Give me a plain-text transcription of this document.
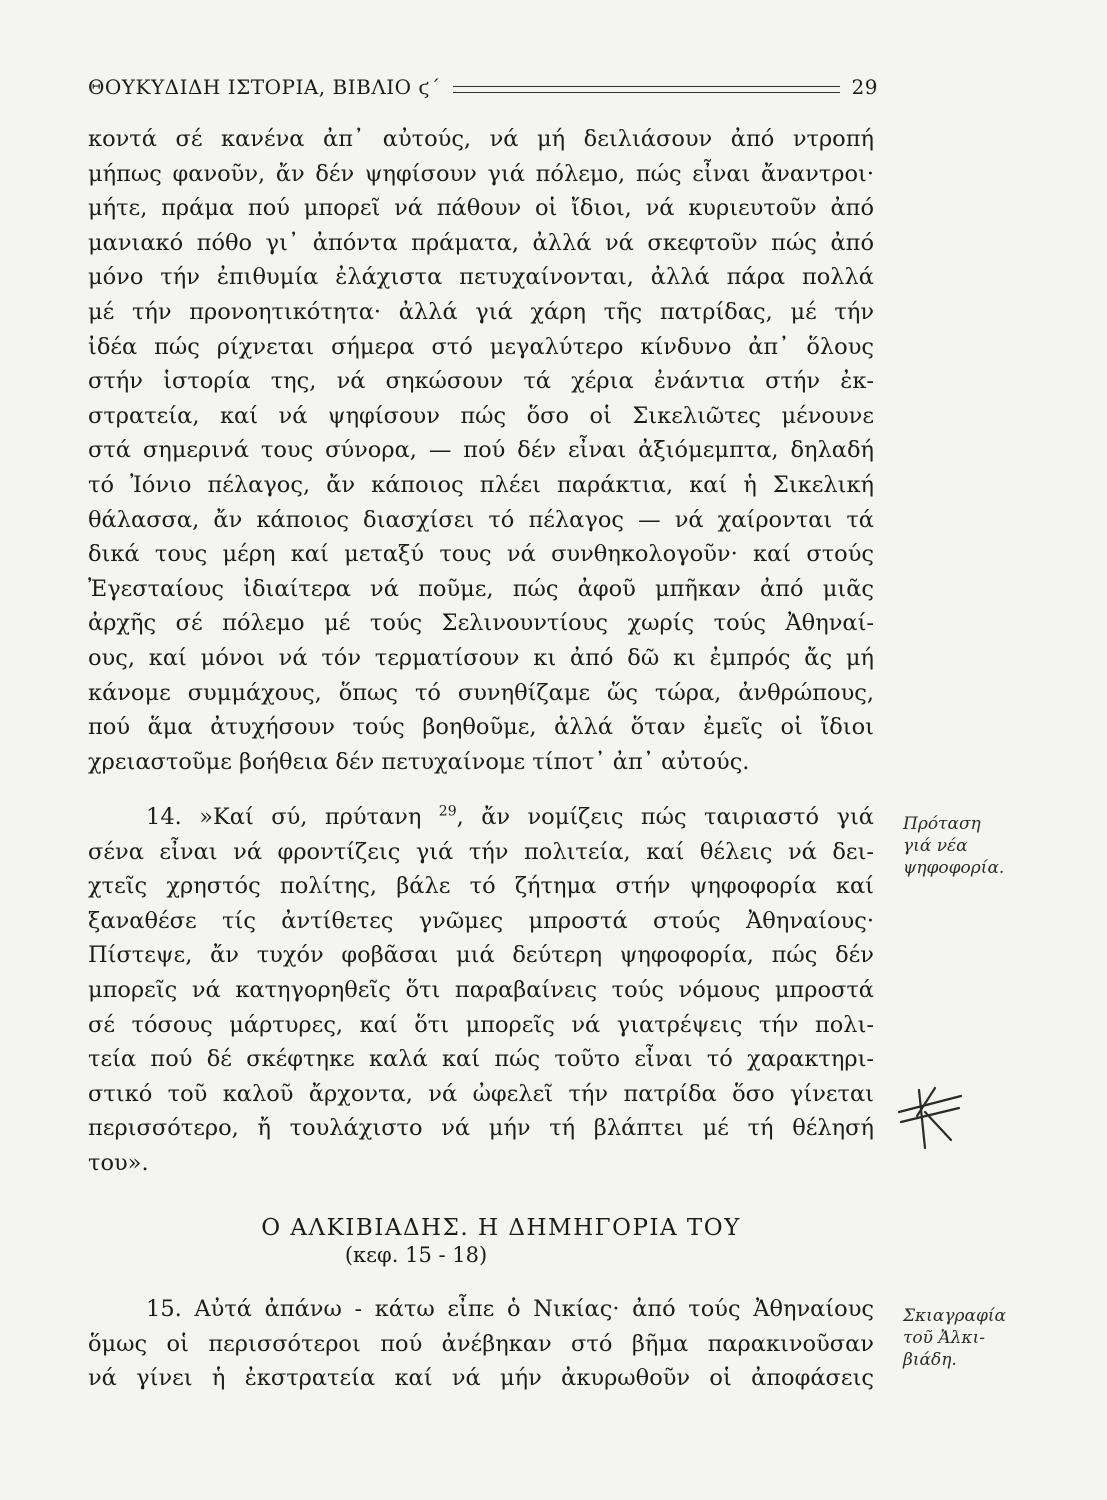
ΘΟΥΚΥΔΙΔΗ ΙΣΤΟΡΙΑ, ΒΙΒΛΙΟ ϛ΄	29
κοντά σέ κανένα ἀπ᾿ αὐτούς, νά μή δειλιάσουν ἀπό ντροπή
μήπως φανοῦν, ἄν δέν ψηφίσουν γιά πόλεμο, πώς εἶναι ἄναντροι·
μήτε, πράμα πού μπορεῖ νά πάθουν οἱ ἴδιοι, νά κυριευτοῦν ἀπό
μανιακό πόθο γι᾿ ἀπόντα πράματα, ἀλλά νά σκεφτοῦν πώς ἀπό
μόνο τήν ἐπιθυμία ἐλάχιστα πετυχαίνονται, ἀλλά πάρα πολλά
μέ τήν προνοητικότητα· ἀλλά γιά χάρη τῆς πατρίδας, μέ τήν
ἰδέα πώς ρίχνεται σήμερα στό μεγαλύτερο κίνδυνο ἀπ᾿ ὅλους
στήν ἱστορία της, νά σηκώσουν τά χέρια ἐνάντια στήν ἐκ-
στρατεία, καί νά ψηφίσουν πώς ὅσο οἱ Σικελιῶτες μένουνε
στά σημερινά τους σύνορα, — πού δέν εἶναι ἀξιόμεμπτα, δηλαδή
τό Ἰόνιο πέλαγος, ἄν κάποιος πλέει παράκτια, καί ἡ Σικελική
θάλασσα, ἄν κάποιος διασχίσει τό πέλαγος — νά χαίρονται τά
δικά τους μέρη καί μεταξύ τους νά συνθηκολογοῦν· καί στούς
Ἐγεσταίους ἰδιαίτερα νά ποῦμε, πώς ἀφοῦ μπῆκαν ἀπό μιᾶς
ἀρχῆς σέ πόλεμο μέ τούς Σελινουντίους χωρίς τούς Ἀθηναί-
ους, καί μόνοι νά τόν τερματίσουν κι ἀπό δῶ κι ἐμπρός ἄς μή
κάνομε συμμάχους, ὅπως τό συνηθίζαμε ὥς τώρα, ἀνθρώπους,
πού ἅμα ἀτυχήσουν τούς βοηθοῦμε, ἀλλά ὅταν ἐμεῖς οἱ ἴδιοι
χρειαστοῦμε βοήθεια δέν πετυχαίνομε τίποτ᾿ ἀπ᾿ αὐτούς.
14. »Καί σύ, πρύτανη $^{29}$, ἄν νομίζεις πώς ταιριαστό γιά
σένα εἶναι νά φροντίζεις γιά τήν πολιτεία, καί θέλεις νά δει-
χτεῖς χρηστός πολίτης, βάλε τό ζήτημα στήν ψηφοφορία καί
ξαναθέσε τίς ἀντίθετες γνῶμες μπροστά στούς Ἀθηναίους·
Πίστεψε, ἄν τυχόν φοβᾶσαι μιά δεύτερη ψηφοφορία, πώς δέν
μπορεῖς νά κατηγορηθεῖς ὅτι παραβαίνεις τούς νόμους μπροστά
σέ τόσους μάρτυρες, καί ὅτι μπορεῖς νά γιατρέψεις τήν πολι-
τεία πού δέ σκέφτηκε καλά καί πώς τοῦτο εἶναι τό χαρακτηρι-
στικό τοῦ καλοῦ ἄρχοντα, νά ὠφελεῖ τήν πατρίδα ὅσο γίνεται
περισσότερο, ἤ τουλάχιστο νά μήν τή βλάπτει μέ τή θέλησή
του».
Ο ΑΛΚΙΒΙΑΔΗΣ. Η ΔΗΜΗΓΟΡΙΑ ΤΟΥ
(κεφ. 15 - 18)
15. Αὐτά ἀπάνω - κάτω εἶπε ὁ Νικίας· ἀπό τούς Ἀθηναίους
ὅμως οἱ περισσότεροι πού ἀνέβηκαν στό βῆμα παρακινοῦσαν
νά γίνει ἡ ἐκστρατεία καί νά μήν ἀκυρωθοῦν οἱ ἀποφάσεις
Πρόταση
γιά νέα
ψηφοφορία.
Σκιαγραφία
τοῦ Ἀλκι-
βιάδη.
